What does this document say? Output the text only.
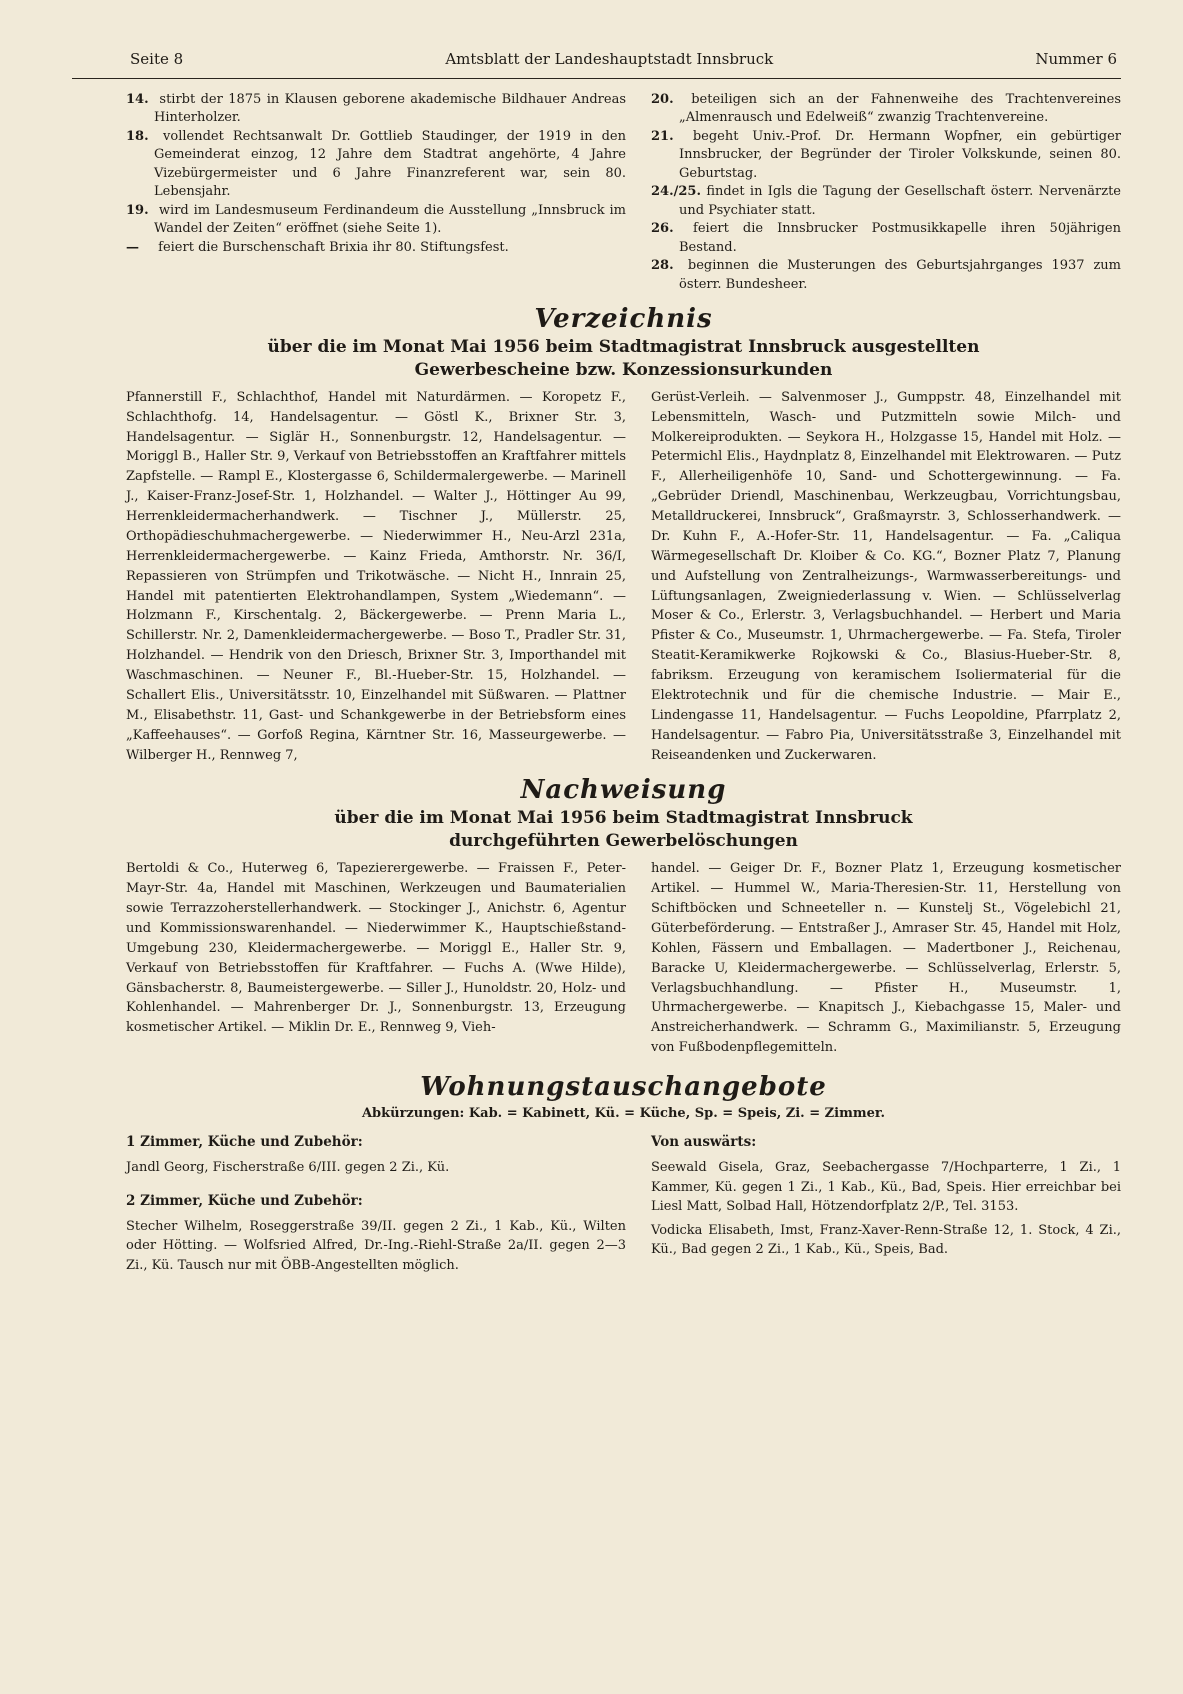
Seite 8	Amtsblatt der Landeshauptstadt Innsbruck	Nummer 6

14. stirbt der 1875 in Klausen geborene akademische Bildhauer Andreas Hinterholzer.

18. vollendet Rechtsanwalt Dr. Gottlieb Staudinger, der 1919 in den Gemeinderat einzog, 12 Jahre dem Stadtrat angehörte, 4 Jahre Vizebürgermeister und 6 Jahre Finanzreferent war, sein 80. Lebensjahr.

19. wird im Landesmuseum Ferdinandeum die Ausstellung „Innsbruck im Wandel der Zeiten“ eröffnet (siehe Seite 1).

— feiert die Burschenschaft Brixia ihr 80. Stiftungsfest.

20. beteiligen sich an der Fahnenweihe des Trachtenvereines „Almenrausch und Edelweiß“ zwanzig Trachtenvereine.

21. begeht Univ.-Prof. Dr. Hermann Wopfner, ein gebürtiger Innsbrucker, der Begründer der Tiroler Volkskunde, seinen 80. Geburtstag.

24./25. findet in Igls die Tagung der Gesellschaft österr. Nervenärzte und Psychiater statt.

26. feiert die Innsbrucker Postmusikkapelle ihren 50jährigen Bestand.

28. beginnen die Musterungen des Geburtsjahrganges 1937 zum österr. Bundesheer.

Verzeichnis

über die im Monat Mai 1956 beim Stadtmagistrat Innsbruck ausgestellten

Gewerbescheine bzw. Konzessionsurkunden

Pfannerstill F., Schlachthof, Handel mit Naturdärmen. — Koropetz F., Schlachthofg. 14, Handelsagentur. — Göstl K., Brixner Str. 3, Handelsagentur. — Siglär H., Sonnenburgstr. 12, Handelsagentur. — Moriggl B., Haller Str. 9, Verkauf von Betriebsstoffen an Kraftfahrer mittels Zapfstelle. — Rampl E., Klostergasse 6, Schildermalergewerbe. — Marinell J., Kaiser-Franz-Josef-Str. 1, Holzhandel. — Walter J., Höttinger Au 99, Herrenkleidermacherhandwerk. — Tischner J., Müllerstr. 25, Orthopädieschuhmachergewerbe. — Niederwimmer H., Neu-Arzl 231a, Herrenkleidermachergewerbe. — Kainz Frieda, Amthorstr. Nr. 36/I, Repassieren von Strümpfen und Trikotwäsche. — Nicht H., Innrain 25, Handel mit patentierten Elektrohandlampen, System „Wiedemann“. — Holzmann F., Kirschentalg. 2, Bäckergewerbe. — Prenn Maria L., Schillerstr. Nr. 2, Damenkleidermachergewerbe. — Boso T., Pradler Str. 31, Holzhandel. — Hendrik von den Driesch, Brixner Str. 3, Importhandel mit Waschmaschinen. — Neuner F., Bl.-Hueber-Str. 15, Holzhandel. — Schallert Elis., Universitätsstr. 10, Einzelhandel mit Süßwaren. — Plattner M., Elisabethstr. 11, Gast- und Schankgewerbe in der Betriebsform eines „Kaffeehauses“. — Gorfoß Regina, Kärntner Str. 16, Masseurgewerbe. — Wilberger H., Rennweg 7,

Gerüst-Verleih. — Salvenmoser J., Gumppstr. 48, Einzelhandel mit Lebensmitteln, Wasch- und Putzmitteln sowie Milch- und Molkereiprodukten. — Seykora H., Holzgasse 15, Handel mit Holz. — Petermichl Elis., Haydnplatz 8, Einzelhandel mit Elektrowaren. — Putz F., Allerheiligenhöfe 10, Sand- und Schottergewinnung. — Fa. „Gebrüder Driendl, Maschinenbau, Werkzeugbau, Vorrichtungsbau, Metalldruckerei, Innsbruck“, Graßmayrstr. 3, Schlosserhandwerk. — Dr. Kuhn F., A.-Hofer-Str. 11, Handelsagentur. — Fa. „Caliqua Wärmegesellschaft Dr. Kloiber & Co. KG.“, Bozner Platz 7, Planung und Aufstellung von Zentralheizungs-, Warmwasserbereitungs- und Lüftungsanlagen, Zweigniederlassung v. Wien. — Schlüsselverlag Moser & Co., Erlerstr. 3, Verlagsbuchhandel. — Herbert und Maria Pfister & Co., Museumstr. 1, Uhrmachergewerbe. — Fa. Stefa, Tiroler Steatit-Keramikwerke Rojkowski & Co., Blasius-Hueber-Str. 8, fabriksm. Erzeugung von keramischem Isoliermaterial für die Elektrotechnik und für die chemische Industrie. — Mair E., Lindengasse 11, Handelsagentur. — Fuchs Leopoldine, Pfarrplatz 2, Handelsagentur. — Fabro Pia, Universitätsstraße 3, Einzelhandel mit Reiseandenken und Zuckerwaren.

Nachweisung

über die im Monat Mai 1956 beim Stadtmagistrat Innsbruck

durchgeführten Gewerbelöschungen

Bertoldi & Co., Huterweg 6, Tapezierergewerbe. — Fraissen F., Peter-Mayr-Str. 4a, Handel mit Maschinen, Werkzeugen und Baumaterialien sowie Terrazzoherstellerhandwerk. — Stockinger J., Anichstr. 6, Agentur und Kommissionswarenhandel. — Niederwimmer K., Hauptschießstand-Umgebung 230, Kleidermachergewerbe. — Moriggl E., Haller Str. 9, Verkauf von Betriebsstoffen für Kraftfahrer. — Fuchs A. (Wwe Hilde), Gänsbacherstr. 8, Baumeistergewerbe. — Siller J., Hunoldstr. 20, Holz- und Kohlenhandel. — Mahrenberger Dr. J., Sonnenburgstr. 13, Erzeugung kosmetischer Artikel. — Miklin Dr. E., Rennweg 9, Vieh-

handel. — Geiger Dr. F., Bozner Platz 1, Erzeugung kosmetischer Artikel. — Hummel W., Maria-Theresien-Str. 11, Herstellung von Schiftböcken und Schneeteller n. — Kunstelj St., Vögelebichl 21, Güterbeförderung. — Entstraßer J., Amraser Str. 45, Handel mit Holz, Kohlen, Fässern und Emballagen. — Madertboner J., Reichenau, Baracke U, Kleidermachergewerbe. — Schlüsselverlag, Erlerstr. 5, Verlagsbuchhandlung. — Pfister H., Museumstr. 1, Uhrmachergewerbe. — Knapitsch J., Kiebachgasse 15, Maler- und Anstreicherhandwerk. — Schramm G., Maximilianstr. 5, Erzeugung von Fußbodenpflegemitteln.

Wohnungstauschangebote
Abkürzungen: Kab. = Kabinett, Kü. = Küche, Sp. = Speis, Zi. = Zimmer.
1 Zimmer, Küche und Zubehör:

Jandl Georg, Fischerstraße 6/III. gegen 2 Zi., Kü.

2 Zimmer, Küche und Zubehör:

Stecher Wilhelm, Roseggerstraße 39/II. gegen 2 Zi., 1 Kab., Kü., Wilten oder Hötting. — Wolfsried Alfred, Dr.-Ing.-Riehl-Straße 2a/II. gegen 2—3 Zi., Kü. Tausch nur mit ÖBB-Angestellten möglich.

Von auswärts:

Seewald Gisela, Graz, Seebachergasse 7/Hochparterre, 1 Zi., 1 Kammer, Kü. gegen 1 Zi., 1 Kab., Kü., Bad, Speis. Hier erreichbar bei Liesl Matt, Solbad Hall, Hötzendorfplatz 2/P., Tel. 3153.

Vodicka Elisabeth, Imst, Franz-Xaver-Renn-Straße 12, 1. Stock, 4 Zi., Kü., Bad gegen 2 Zi., 1 Kab., Kü., Speis, Bad.
